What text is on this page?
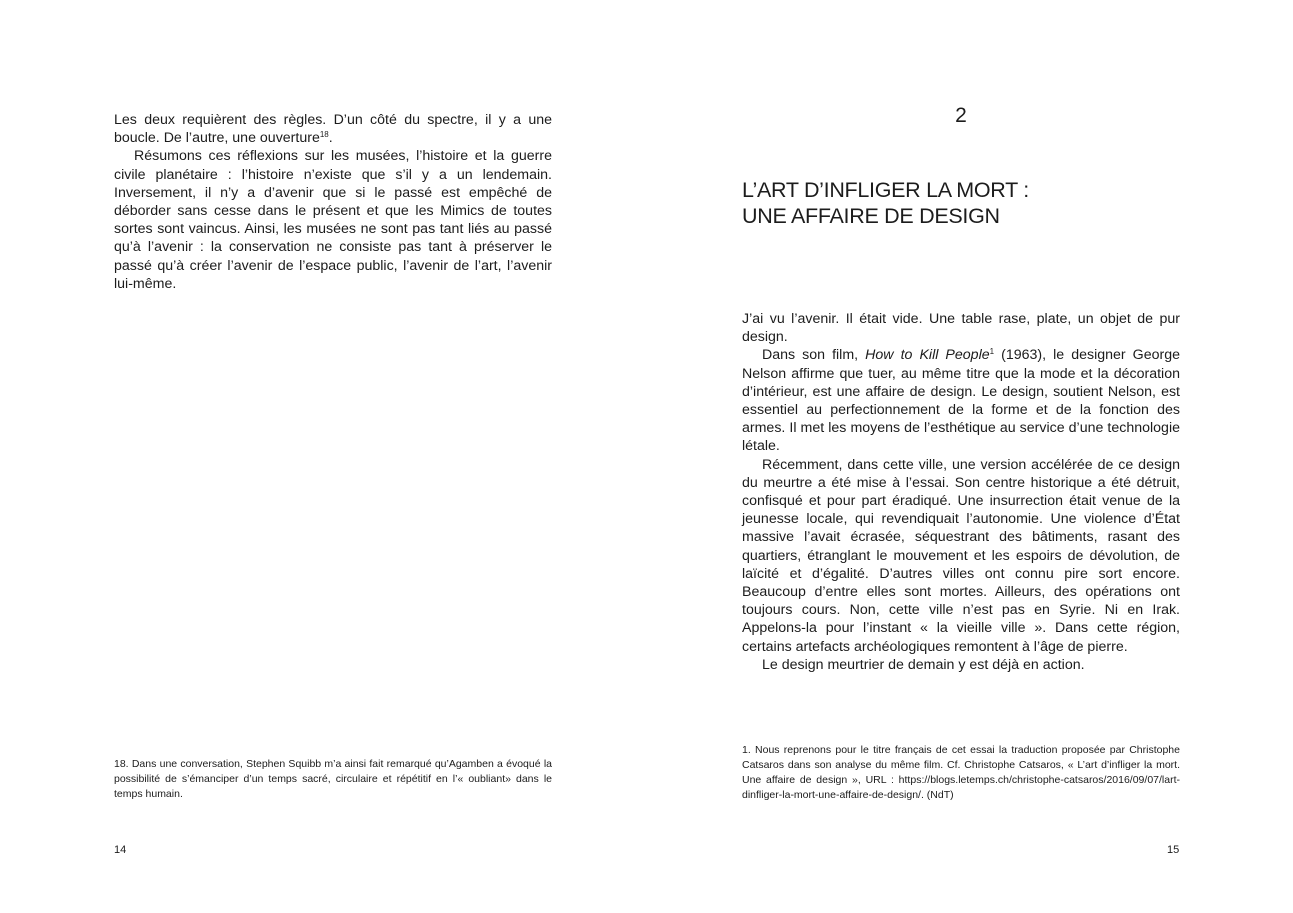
Les deux requièrent des règles. D’un côté du spectre, il y a une boucle. De l’autre, une ouverture$^{18}$.

Résumons ces réflexions sur les musées, l’histoire et la guerre civile planétaire : l’histoire n’existe que s’il y a un lendemain. Inversement, il n’y a d’avenir que si le passé est empêché de déborder sans cesse dans le présent et que les Mimics de toutes sortes sont vaincus. Ainsi, les musées ne sont pas tant liés au passé qu’à l’avenir : la conservation ne consiste pas tant à préserver le passé qu’à créer l’avenir de l’espace public, l’avenir de l’art, l’avenir lui-même.

18. Dans une conversation, Stephen Squibb m’a ainsi fait remarqué qu’Agamben a évoqué la possibilité de s’émanciper d’un temps sacré, circulaire et répétitif en l’« oubliant» dans le temps humain.
14
2
L’ART D’INFLIGER LA MORT :
UNE AFFAIRE DE DESIGN

J’ai vu l’avenir. Il était vide. Une table rase, plate, un objet de pur design.

Dans son film, How to Kill People$^1$ (1963), le designer George Nelson affirme que tuer, au même titre que la mode et la décoration d’intérieur, est une affaire de design. Le design, soutient Nelson, est essentiel au perfectionnement de la forme et de la fonction des armes. Il met les moyens de l’esthétique au service d’une technologie létale.

Récemment, dans cette ville, une version accélérée de ce design du meurtre a été mise à l’essai. Son centre historique a été détruit, confisqué et pour part éradiqué. Une insurrection était venue de la jeunesse locale, qui revendiquait l’autonomie. Une violence d’État massive l’avait écrasée, séquestrant des bâtiments, rasant des quartiers, étranglant le mouvement et les espoirs de dévolution, de laïcité et d’égalité. D’autres villes ont connu pire sort encore. Beaucoup d’entre elles sont mortes. Ailleurs, des opérations ont toujours cours. Non, cette ville n’est pas en Syrie. Ni en Irak. Appelons-la pour l’instant « la vieille ville ». Dans cette région, certains artefacts archéologiques remontent à l’âge de pierre.

Le design meurtrier de demain y est déjà en action.

1. Nous reprenons pour le titre français de cet essai la traduction proposée par Christophe Catsaros dans son analyse du même film. Cf. Christophe Catsaros, « L’art d’infliger la mort. Une affaire de design », URL : https://blogs.letemps.ch/christophe-catsaros/2016/09/07/lart-dinfliger-la-mort-une-affaire-de-design/. (NdT)
15
